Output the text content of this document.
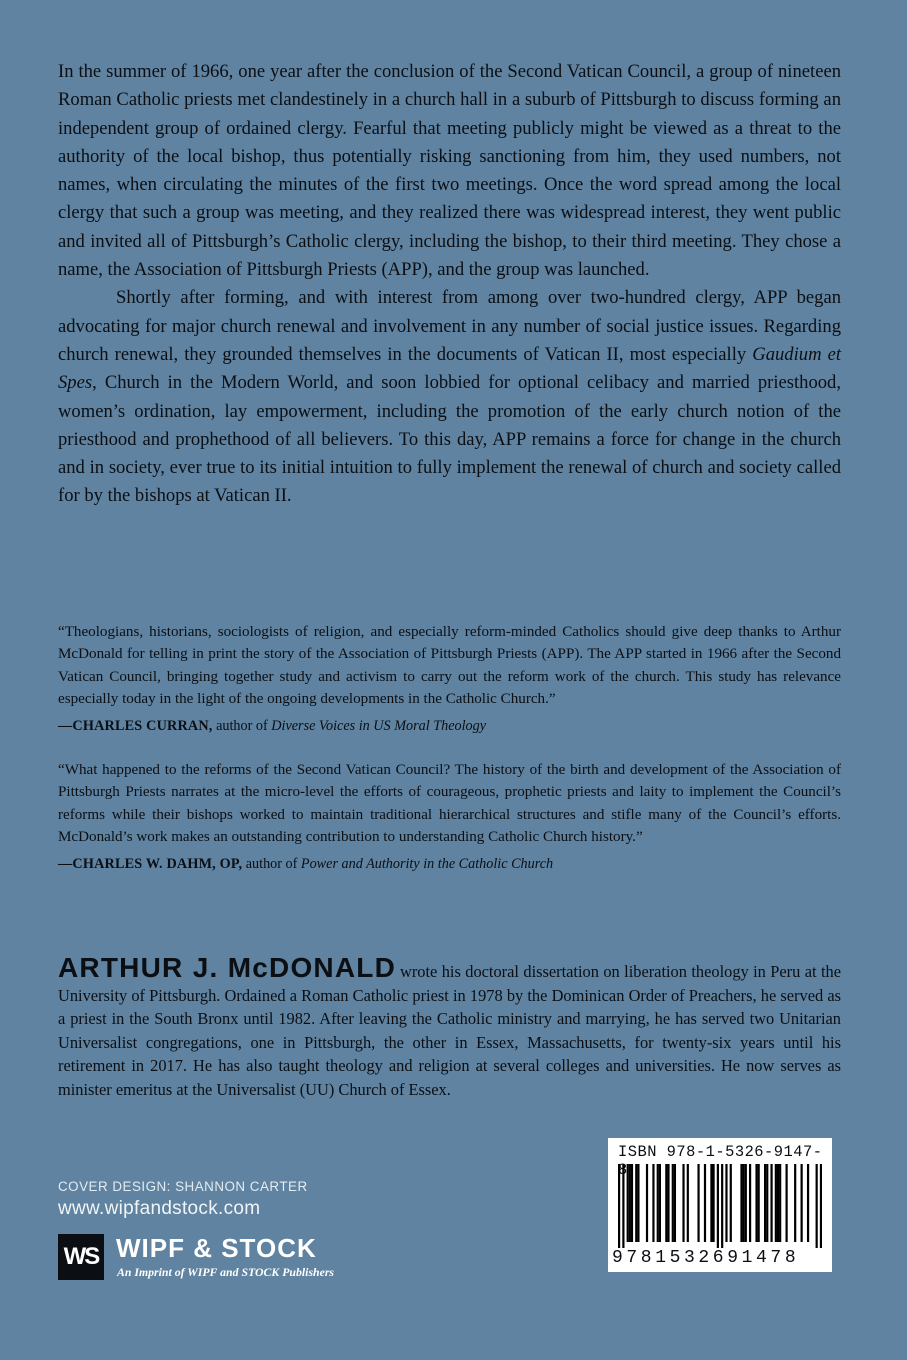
In the summer of 1966, one year after the conclusion of the Second Vatican Council, a group of nineteen Roman Catholic priests met clandestinely in a church hall in a suburb of Pittsburgh to discuss forming an independent group of ordained clergy. Fearful that meeting publicly might be viewed as a threat to the authority of the local bishop, thus potentially risking sanctioning from him, they used numbers, not names, when circulating the minutes of the first two meetings. Once the word spread among the local clergy that such a group was meeting, and they realized there was widespread interest, they went public and invited all of Pittsburgh’s Catholic clergy, including the bishop, to their third meeting. They chose a name, the Association of Pittsburgh Priests (APP), and the group was launched.

Shortly after forming, and with interest from among over two-hundred clergy, APP began advocating for major church renewal and involvement in any number of social justice issues. Regarding church renewal, they grounded themselves in the documents of Vatican II, most especially Gaudium et Spes, Church in the Modern World, and soon lobbied for optional celibacy and married priesthood, women’s ordination, lay empowerment, including the promotion of the early church notion of the priesthood and prophethood of all believers. To this day, APP remains a force for change in the church and in society, ever true to its initial intuition to fully implement the renewal of church and society called for by the bishops at Vatican II.

“Theologians, historians, sociologists of religion, and especially reform-minded Catholics should give deep thanks to Arthur McDonald for telling in print the story of the Association of Pittsburgh Priests (APP). The APP started in 1966 after the Second Vatican Council, bringing together study and activism to carry out the reform work of the church. This study has relevance especially today in the light of the ongoing developments in the Catholic Church.”

—CHARLES CURRAN, author of Diverse Voices in US Moral Theology

“What happened to the reforms of the Second Vatican Council? The history of the birth and development of the Association of Pittsburgh Priests narrates at the micro-level the efforts of courageous, prophetic priests and laity to implement the Council’s reforms while their bishops worked to maintain traditional hierarchical structures and stifle many of the Council’s efforts. McDonald’s work makes an outstanding contribution to understanding Catholic Church history.”

—CHARLES W. DAHM, OP, author of Power and Authority in the Catholic Church

ARTHUR J. McDONALD wrote his doctoral dissertation on liberation theology in Peru at the University of Pittsburgh. Ordained a Roman Catholic priest in 1978 by the Dominican Order of Preachers, he served as a priest in the South Bronx until 1982. After leaving the Catholic ministry and marrying, he has served two Unitarian Universalist congregations, one in Pittsburgh, the other in Essex, Massachusetts, for twenty-six years until his retirement in 2017. He has also taught theology and religion at several colleges and universities. He now serves as minister emeritus at the Universalist (UU) Church of Essex.

COVER DESIGN: SHANNON CARTER
www.wipfandstock.com
WS WIPF & STOCK
An Imprint of WIPF and STOCK Publishers
ISBN 978-1-5326-9147-
9781532691478
